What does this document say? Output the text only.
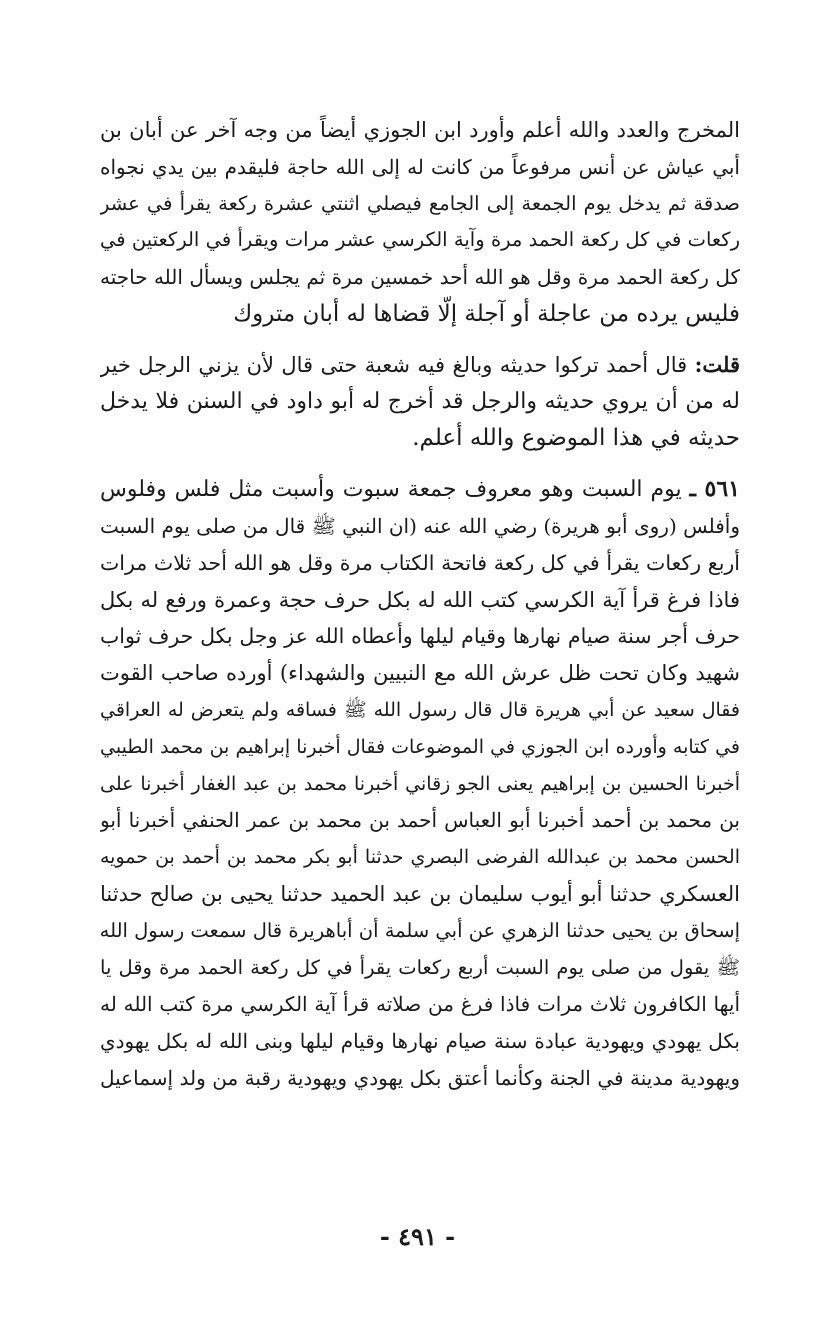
المخرج والعدد والله أعلم وأورد ابن الجوزي أيضاً من وجه آخر عن أبان بن
أبي عياش عن أنس مرفوعاً من كانت له إلى الله حاجة فليقدم بين يدي نجواه
صدقة ثم يدخل يوم الجمعة إلى الجامع فيصلي اثنتي عشرة ركعة يقرأ في عشر
ركعات في كل ركعة الحمد مرة وآية الكرسي عشر مرات ويقرأ في الركعتين في
كل ركعة الحمد مرة وقل هو الله أحد خمسين مرة ثم يجلس ويسأل الله حاجته
فليس يرده من عاجلة أو آجلة إلّا قضاها له أبان متروك
قلت: قال أحمد تركوا حديثه وبالغ فيه شعبة حتى قال لأن يزني الرجل خير
له من أن يروي حديثه والرجل قد أخرج له أبو داود في السنن فلا يدخل
حديثه في هذا الموضوع والله أعلم.
٥٦١ ـ يوم السبت وهو معروف جمعة سبوت وأسبت مثل فلس وفلوس
وأفلس (روى أبو هريرة) رضي الله عنه (ان النبي ﷺ قال من صلى يوم السبت
أربع ركعات يقرأ في كل ركعة فاتحة الكتاب مرة وقل هو الله أحد ثلاث مرات
فاذا فرغ قرأ آية الكرسي كتب الله له بكل حرف حجة وعمرة ورفع له بكل
حرف أجر سنة صيام نهارها وقيام ليلها وأعطاه الله عز وجل بكل حرف ثواب
شهيد وكان تحت ظل عرش الله مع النبيين والشهداء) أورده صاحب القوت
فقال سعيد عن أبي هريرة قال قال رسول الله ﷺ فساقه ولم يتعرض له العراقي
في كتابه وأورده ابن الجوزي في الموضوعات فقال أخبرنا إبراهيم بن محمد الطيبي
أخبرنا الحسين بن إبراهيم يعنى الجو زقاني أخبرنا محمد بن عبد الغفار أخبرنا على
بن محمد بن أحمد أخبرنا أبو العباس أحمد بن محمد بن عمر الحنفي أخبرنا أبو
الحسن محمد بن عبدالله الفرضى البصري حدثنا أبو بكر محمد بن أحمد بن حمويه
العسكري حدثنا أبو أيوب سليمان بن عبد الحميد حدثنا يحيى بن صالح حدثنا
إسحاق بن يحيى حدثنا الزهري عن أبي سلمة أن أباهريرة قال سمعت رسول الله
ﷺ يقول من صلى يوم السبت أربع ركعات يقرأ في كل ركعة الحمد مرة وقل يا
أيها الكافرون ثلاث مرات فاذا فرغ من صلاته قرأ آية الكرسي مرة كتب الله له
بكل يهودي ويهودية عبادة سنة صيام نهارها وقيام ليلها وبنى الله له بكل يهودي
ويهودية مدينة في الجنة وكأنما أعتق بكل يهودي ويهودية رقبة من ولد إسماعيل
- ٤٩١ -
